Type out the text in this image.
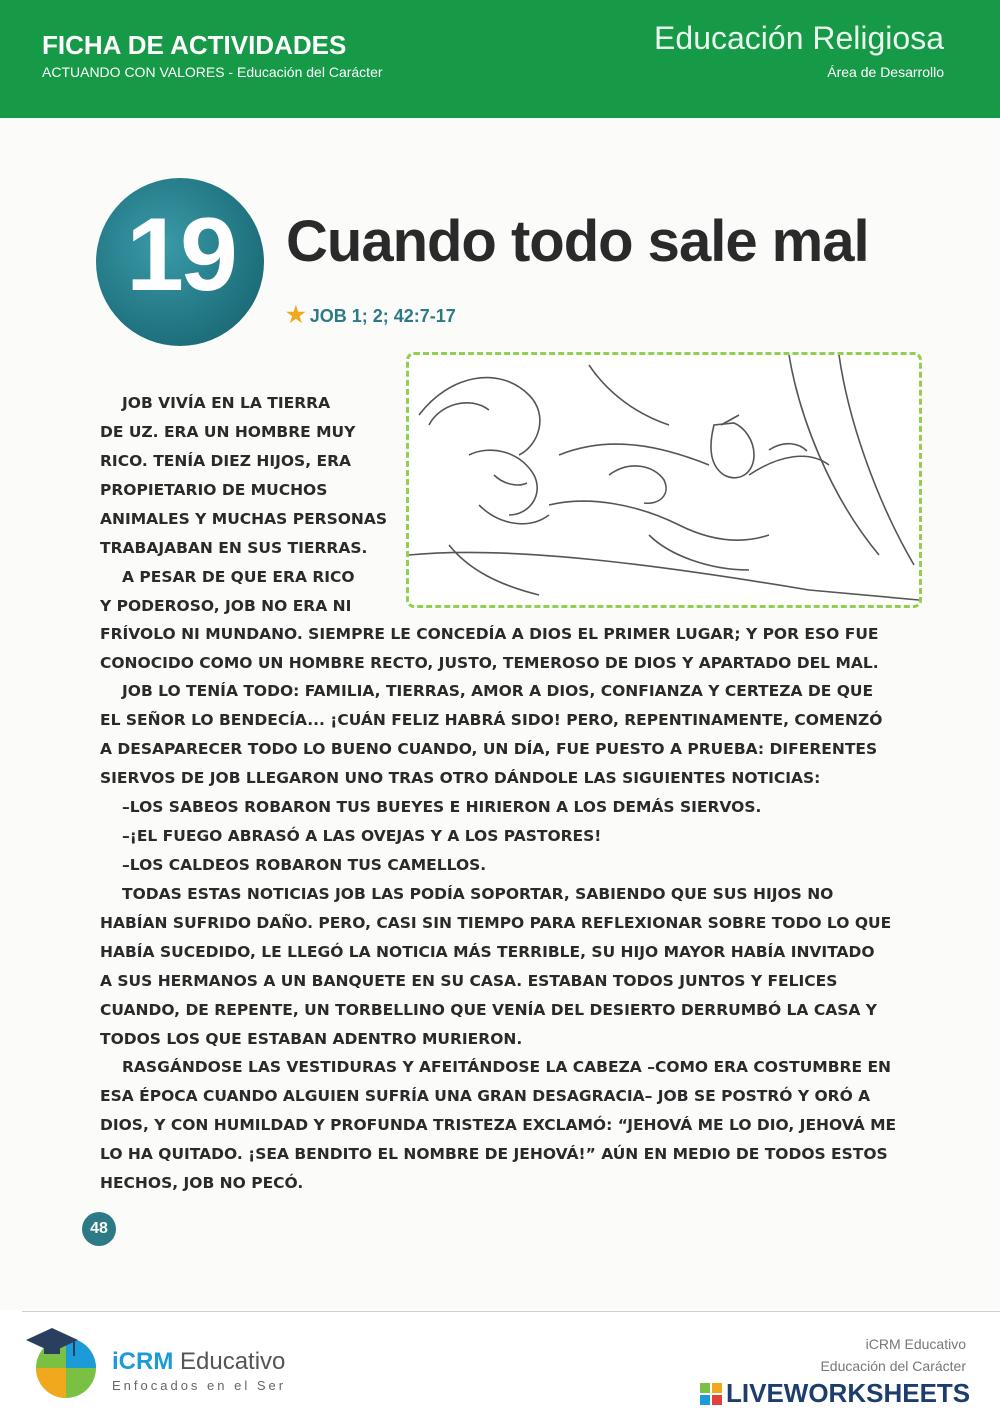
FICHA DE ACTIVIDADES
ACTUANDO CON VALORES - Educación del Carácter
Educación Religiosa
Área de Desarrollo
19 Cuando todo sale mal
★ JOB 1; 2; 42:7-17
JOB VIVÍA EN LA TIERRA
DE UZ. ERA UN HOMBRE MUY
RICO. TENÍA DIEZ HIJOS, ERA
PROPIETARIO DE MUCHOS
ANIMALES Y MUCHAS PERSONAS
TRABAJABAN EN SUS TIERRAS.
A PESAR DE QUE ERA RICO
Y PODEROSO, JOB NO ERA NI
FRÍVOLO NI MUNDANO. SIEMPRE LE CONCEDÍA A DIOS EL PRIMER LUGAR; Y POR ESO FUE
CONOCIDO COMO UN HOMBRE RECTO, JUSTO, TEMEROSO DE DIOS Y APARTADO DEL MAL.
JOB LO TENÍA TODO: FAMILIA, TIERRAS, AMOR A DIOS, CONFIANZA Y CERTEZA DE QUE
EL SEÑOR LO BENDECÍA... ¡CUÁN FELIZ HABRÁ SIDO! PERO, REPENTINAMENTE, COMENZÓ
A DESAPARECER TODO LO BUENO CUANDO, UN DÍA, FUE PUESTO A PRUEBA: DIFERENTES
SIERVOS DE JOB LLEGARON UNO TRAS OTRO DÁNDOLE LAS SIGUIENTES NOTICIAS:
–LOS SABEOS ROBARON TUS BUEYES E HIRIERON A LOS DEMÁS SIERVOS.
–¡EL FUEGO ABRASÓ A LAS OVEJAS Y A LOS PASTORES!
–LOS CALDEOS ROBARON TUS CAMELLOS.
TODAS ESTAS NOTICIAS JOB LAS PODÍA SOPORTAR, SABIENDO QUE SUS HIJOS NO
HABÍAN SUFRIDO DAÑO. PERO, CASI SIN TIEMPO PARA REFLEXIONAR SOBRE TODO LO QUE
HABÍA SUCEDIDO, LE LLEGÓ LA NOTICIA MÁS TERRIBLE, SU HIJO MAYOR HABÍA INVITADO
A SUS HERMANOS A UN BANQUETE EN SU CASA. ESTABAN TODOS JUNTOS Y FELICES
CUANDO, DE REPENTE, UN TORBELLINO QUE VENÍA DEL DESIERTO DERRUMBÓ LA CASA Y
TODOS LOS QUE ESTABAN ADENTRO MURIERON.
RASGÁNDOSE LAS VESTIDURAS Y AFEITÁNDOSE LA CABEZA –COMO ERA COSTUMBRE EN
ESA ÉPOCA CUANDO ALGUIEN SUFRÍA UNA GRAN DESAGRACIA– JOB SE POSTRÓ Y ORÓ A
DIOS, Y CON HUMILDAD Y PROFUNDA TRISTEZA EXCLAMÓ: “JEHOVÁ ME LO DIO, JEHOVÁ ME
LO HA QUITADO. ¡SEA BENDITO EL NOMBRE DE JEHOVÁ!” AÚN EN MEDIO DE TODOS ESTOS
HECHOS, JOB NO PECÓ.
48
iCRM Educativo
Enfocados en el Ser
iCRM Educativo
Educación del Carácter
LIVEWORKSHEETS
